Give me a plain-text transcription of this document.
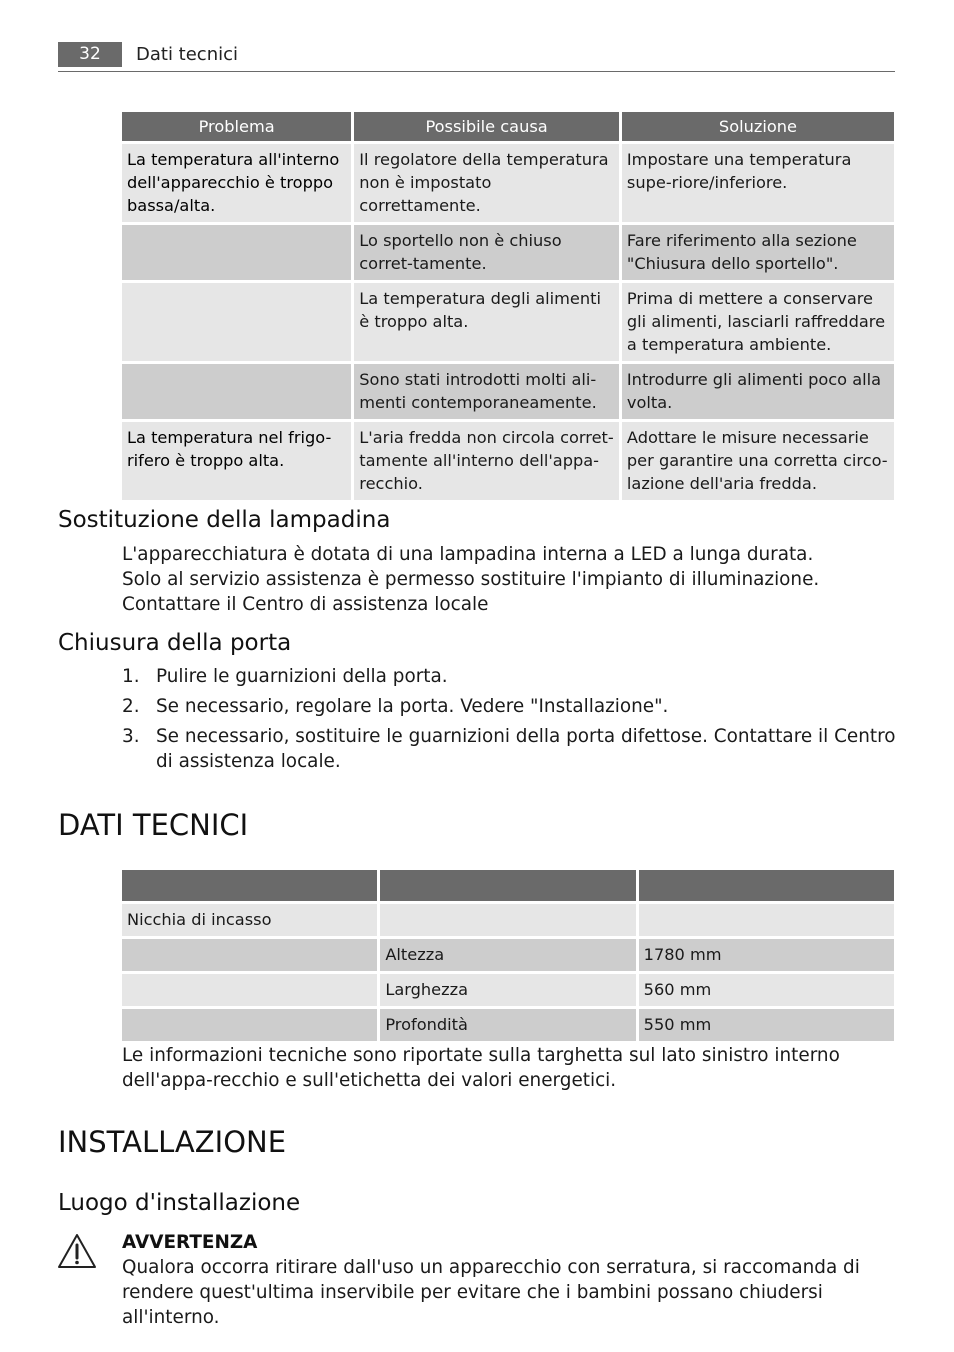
32	Dati tecnici
Problema	Possibile causa	Soluzione
La temperatura all'interno dell'apparecchio è troppo bassa/alta.	Il regolatore della temperatura non è impostato correttamente.	Impostare una temperatura supe-riore/inferiore.
	Lo sportello non è chiuso corret-tamente.	Fare riferimento alla sezione "Chiusura dello sportello".
	La temperatura degli alimenti è troppo alta.	Prima di mettere a conservare gli alimenti, lasciarli raffreddare a temperatura ambiente.
	Sono stati introdotti molti ali-menti contemporaneamente.	Introdurre gli alimenti poco alla volta.
La temperatura nel frigo-rifero è troppo alta.	L'aria fredda non circola corret-tamente all'interno dell'appa-recchio.	Adottare le misure necessarie per garantire una corretta circo-lazione dell'aria fredda.
Sostituzione della lampadina

L'apparecchiatura è dotata di una lampadina interna a LED a lunga durata.

Solo al servizio assistenza è permesso sostituire l'impianto di illuminazione. Contattare il Centro di assistenza locale

Chiusura della porta
1. Pulire le guarnizioni della porta.
2. Se necessario, regolare la porta. Vedere "Installazione".
3. Se necessario, sostituire le guarnizioni della porta difettose. Contattare il Centro di assistenza locale.
DATI TECNICI

Nicchia di incasso		
	Altezza	1780 mm
	Larghezza	560 mm
	Profondità	550 mm
Le informazioni tecniche sono riportate sulla targhetta sul lato sinistro interno dell'appa-recchio e sull'etichetta dei valori energetici.
INSTALLAZIONE
Luogo d'installazione
AVVERTENZA
Qualora occorra ritirare dall'uso un apparecchio con serratura, si raccomanda di rendere quest'ultima inservibile per evitare che i bambini possano chiudersi all'interno.
